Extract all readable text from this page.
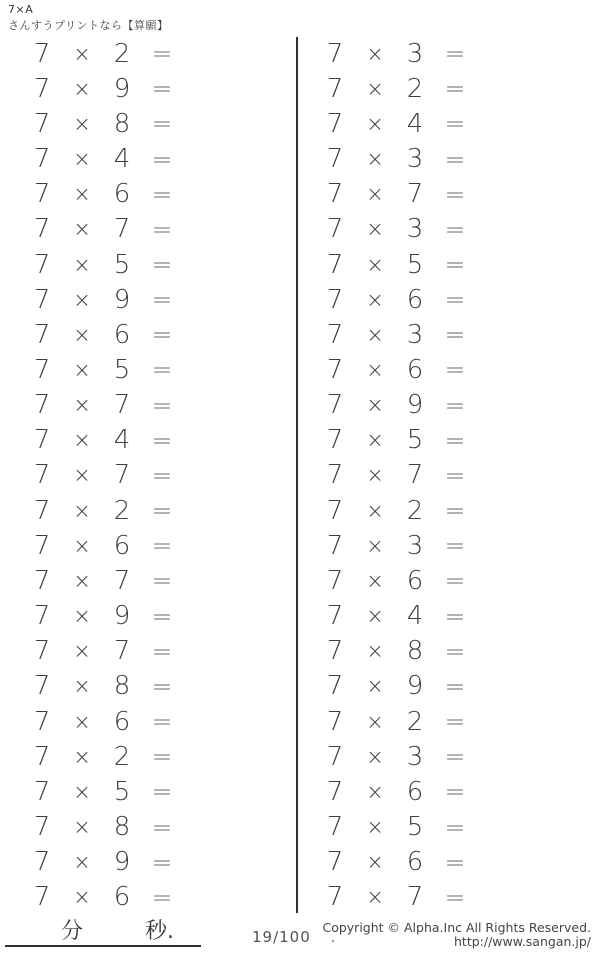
7×A
さんすうプリントなら【算願】
7	× 2 =
7	× 9 =
7	× 8 =
7	× 4 =
7	× 6 =
7	× 7 =
7	× 5 =
7	× 9 =
7	× 6 =
7	× 5 =
7	× 7 =
7	× 4 =
7	× 7 =
7	× 2 =
7	× 6 =
7	× 7 =
7	× 9 =
7	× 7 =
7	× 8 =
7	× 6 =
7	× 2 =
7	× 5 =
7	× 8 =
7	× 9 =
7	× 6 =
7	× 3 =
7	× 2 =
7	× 4 =
7	× 3 =
7	× 7 =
7	× 3 =
7	× 5 =
7	× 6 =
7	× 3 =
7	× 6 =
7	× 9 =
7	× 5 =
7	× 7 =
7	× 2 =
7	× 3 =
7	× 6 =
7	× 4 =
7	× 8 =
7	× 9 =
7	× 2 =
7	× 3 =
7	× 6 =
7	× 5 =
7	× 6 =
7	× 7 =
分	秒.	19/100 .
Copyright © Alpha.Inc All Rights Reserved.
http://www.sangan.jp/
